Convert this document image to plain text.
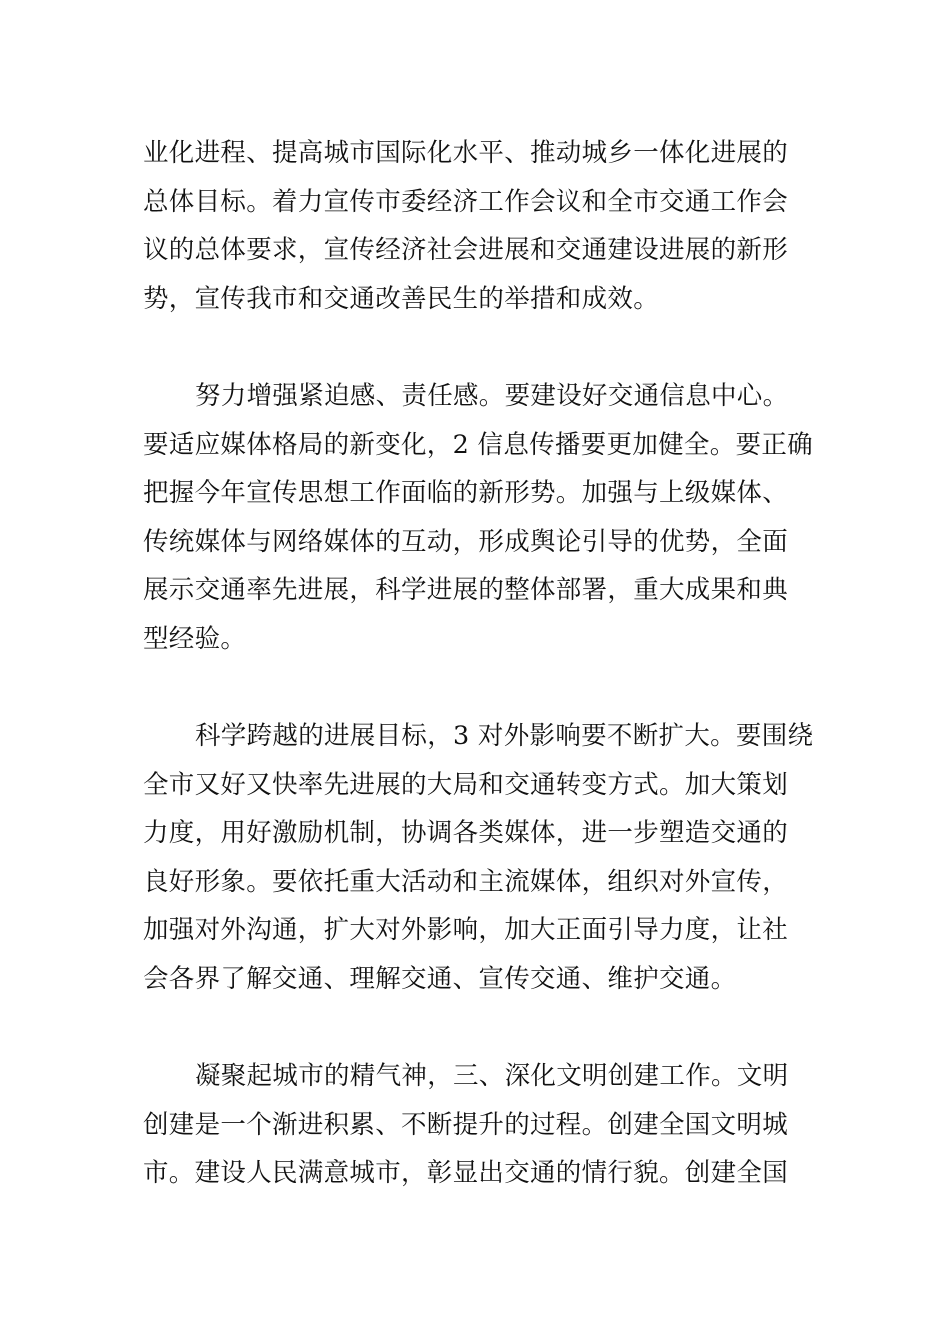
业化进程、提高城市国际化水平、推动城乡一体化进展的
总体目标。着力宣传市委经济工作会议和全市交通工作会
议的总体要求，宣传经济社会进展和交通建设进展的新形
势，宣传我市和交通改善民生的举措和成效。
努力增强紧迫感、责任感。要建设好交通信息中心。
要适应媒体格局的新变化，2 信息传播要更加健全。要正确
把握今年宣传思想工作面临的新形势。加强与上级媒体、
传统媒体与网络媒体的互动，形成舆论引导的优势，全面
展示交通率先进展，科学进展的整体部署，重大成果和典
型经验。
科学跨越的进展目标，3 对外影响要不断扩大。要围绕
全市又好又快率先进展的大局和交通转变方式。加大策划
力度，用好激励机制，协调各类媒体，进一步塑造交通的
良好形象。要依托重大活动和主流媒体，组织对外宣传，
加强对外沟通，扩大对外影响，加大正面引导力度，让社
会各界了解交通、理解交通、宣传交通、维护交通。
凝聚起城市的精气神，三、深化文明创建工作。文明
创建是一个渐进积累、不断提升的过程。创建全国文明城
市。建设人民满意城市，彰显出交通的情行貌。创建全国
